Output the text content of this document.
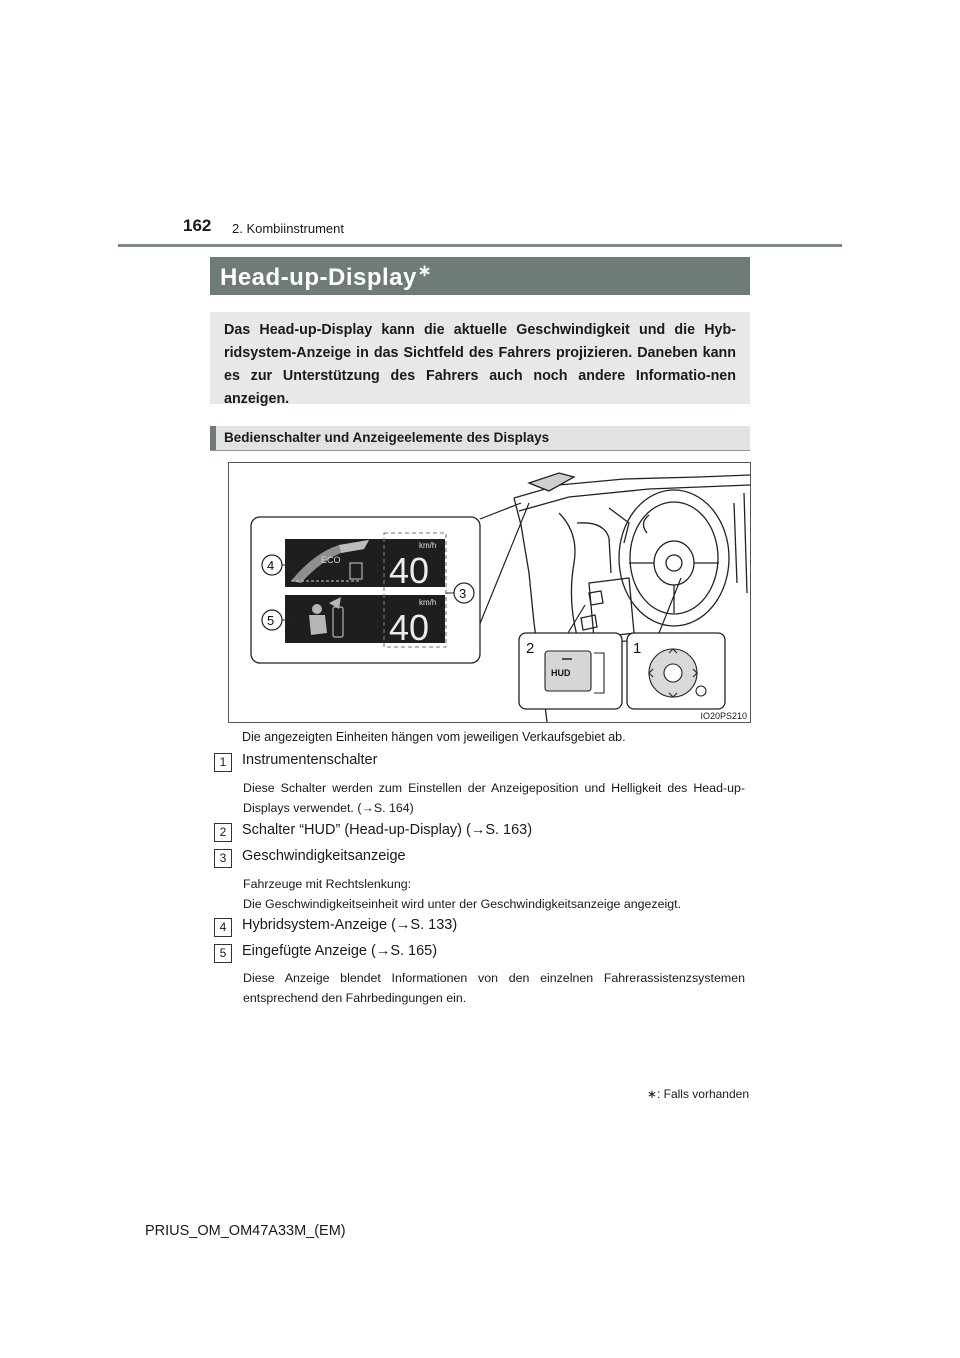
162 2. Kombiinstrument
Head-up-Display∗
Das Head-up-Display kann die aktuelle Geschwindigkeit und die Hyb-ridsystem-Anzeige in das Sichtfeld des Fahrers projizieren. Daneben kann es zur Unterstützung des Fahrers auch noch andere Informatio-nen anzeigen.
Bedienschalter und Anzeigeelemente des Displays
ECO
km/h
40
km/h
40
4
5
3
2	1
HUD
IO20PS210
Die angezeigten Einheiten hängen vom jeweiligen Verkaufsgebiet ab.
1	Instrumentenschalter
Diese Schalter werden zum Einstellen der Anzeigeposition und Helligkeit des Head-up-Displays verwendet. (→S. 164)
2	Schalter “HUD” (Head-up-Display) (→S. 163)
3	Geschwindigkeitsanzeige
Fahrzeuge mit Rechtslenkung:
Die Geschwindigkeitseinheit wird unter der Geschwindigkeitsanzeige angezeigt.
4	Hybridsystem-Anzeige (→S. 133)
5	Eingefügte Anzeige (→S. 165)
Diese Anzeige blendet Informationen von den einzelnen Fahrerassistenzsystemen entsprechend den Fahrbedingungen ein.
∗: Falls vorhanden
PRIUS_OM_OM47A33M_(EM)
